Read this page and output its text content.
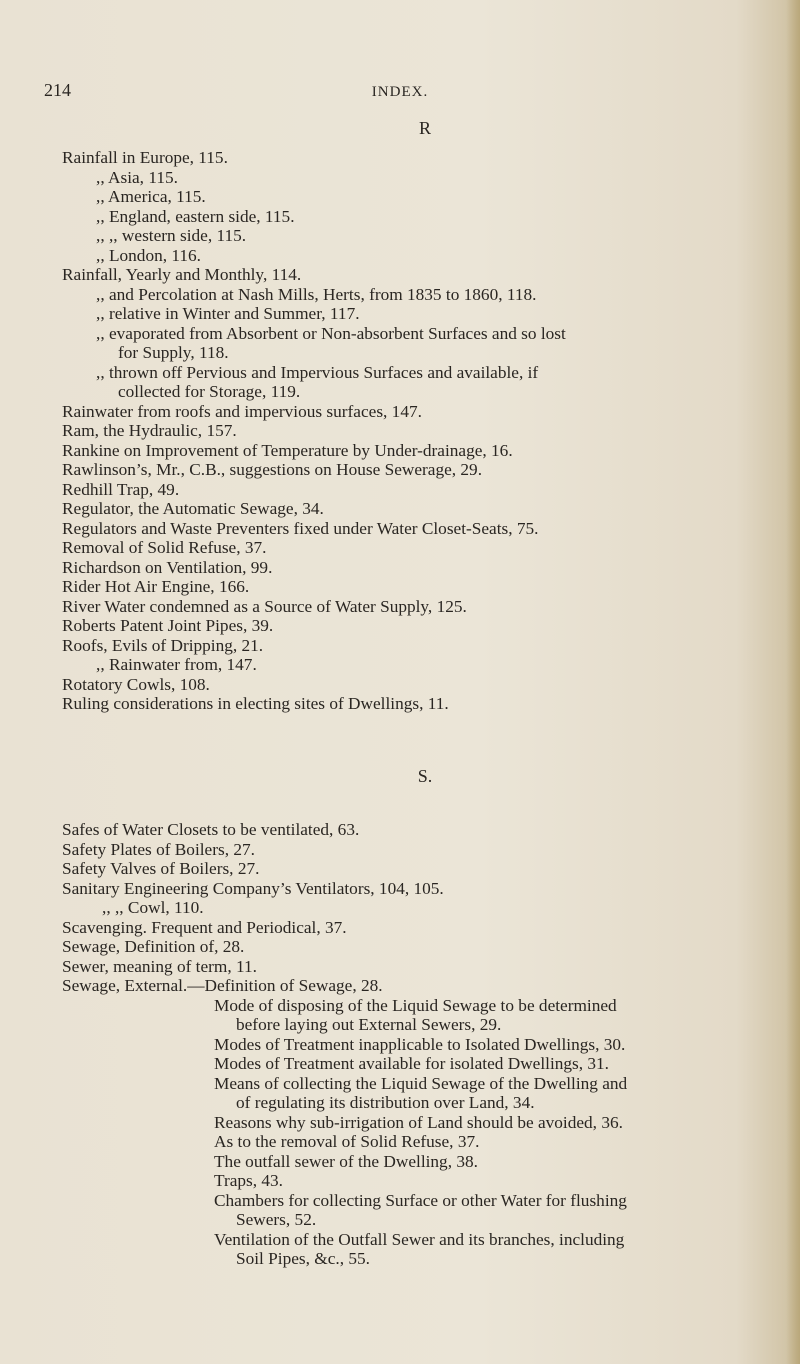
214	INDEX.
R
Rainfall in Europe, 115.
,, Asia, 115.
,, America, 115.
,, England, eastern side, 115.
,, ,, western side, 115.
,, London, 116.
Rainfall, Yearly and Monthly, 114.
,, and Percolation at Nash Mills, Herts, from 1835 to 1860, 118.
,, relative in Winter and Summer, 117.
,, evaporated from Absorbent or Non-absorbent Surfaces and so lost
for Supply, 118.
,, thrown off Pervious and Impervious Surfaces and available, if
collected for Storage, 119.
Rainwater from roofs and impervious surfaces, 147.
Ram, the Hydraulic, 157.
Rankine on Improvement of Temperature by Under-drainage, 16.
Rawlinson’s, Mr., C.B., suggestions on House Sewerage, 29.
Redhill Trap, 49.
Regulator, the Automatic Sewage, 34.
Regulators and Waste Preventers fixed under Water Closet-Seats, 75.
Removal of Solid Refuse, 37.
Richardson on Ventilation, 99.
Rider Hot Air Engine, 166.
River Water condemned as a Source of Water Supply, 125.
Roberts Patent Joint Pipes, 39.
Roofs, Evils of Dripping, 21.
,, Rainwater from, 147.
Rotatory Cowls, 108.
Ruling considerations in electing sites of Dwellings, 11.
S.
Safes of Water Closets to be ventilated, 63.
Safety Plates of Boilers, 27.
Safety Valves of Boilers, 27.
Sanitary Engineering Company’s Ventilators, 104, 105.
,, ,, Cowl, 110.
Scavenging. Frequent and Periodical, 37.
Sewage, Definition of, 28.
Sewer, meaning of term, 11.
Sewage, External.—Definition of Sewage, 28.
Mode of disposing of the Liquid Sewage to be determined
before laying out External Sewers, 29.
Modes of Treatment inapplicable to Isolated Dwellings, 30.
Modes of Treatment available for isolated Dwellings, 31.
Means of collecting the Liquid Sewage of the Dwelling and
of regulating its distribution over Land, 34.
Reasons why sub-irrigation of Land should be avoided, 36.
As to the removal of Solid Refuse, 37.
The outfall sewer of the Dwelling, 38.
Traps, 43.
Chambers for collecting Surface or other Water for flushing
Sewers, 52.
Ventilation of the Outfall Sewer and its branches, including
Soil Pipes, &c., 55.
